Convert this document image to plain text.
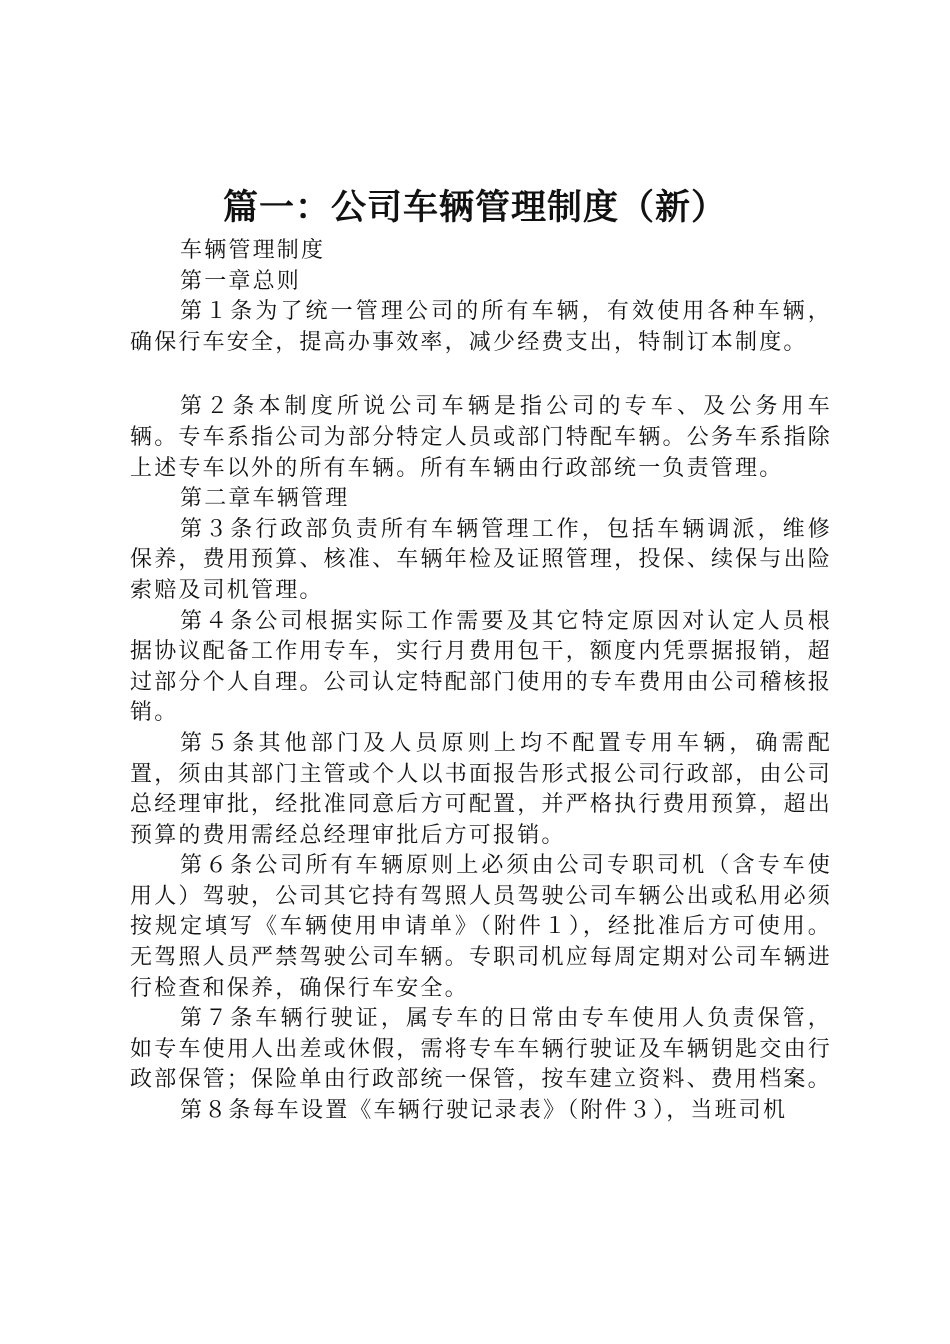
篇一：公司车辆管理制度（新）

车辆管理制度

第一章总则

第１条为了统一管理公司的所有车辆，有效使用各种车辆，确保行车安全，提高办事效率，减少经费支出，特制订本制度。

第２条本制度所说公司车辆是指公司的专车、及公务用车辆。专车系指公司为部分特定人员或部门特配车辆。公务车系指除上述专车以外的所有车辆。所有车辆由行政部统一负责管理。

第二章车辆管理

第３条行政部负责所有车辆管理工作，包括车辆调派，维修保养，费用预算、核准、车辆年检及证照管理，投保、续保与出险索赔及司机管理。

第４条公司根据实际工作需要及其它特定原因对认定人员根据协议配备工作用专车，实行月费用包干，额度内凭票据报销，超过部分个人自理。公司认定特配部门使用的专车费用由公司稽核报销。

第５条其他部门及人员原则上均不配置专用车辆，确需配置，须由其部门主管或个人以书面报告形式报公司行政部，由公司总经理审批，经批准同意后方可配置，并严格执行费用预算，超出预算的费用需经总经理审批后方可报销。

第６条公司所有车辆原则上必须由公司专职司机（含专车使用人）驾驶，公司其它持有驾照人员驾驶公司车辆公出或私用必须按规定填写《车辆使用申请单》（附件１），经批准后方可使用。无驾照人员严禁驾驶公司车辆。专职司机应每周定期对公司车辆进行检查和保养，确保行车安全。

第７条车辆行驶证，属专车的日常由专车使用人负责保管，如专车使用人出差或休假，需将专车车辆行驶证及车辆钥匙交由行政部保管；保险单由行政部统一保管，按车建立资料、费用档案。

第８条每车设置《车辆行驶记录表》（附件３），当班司机
